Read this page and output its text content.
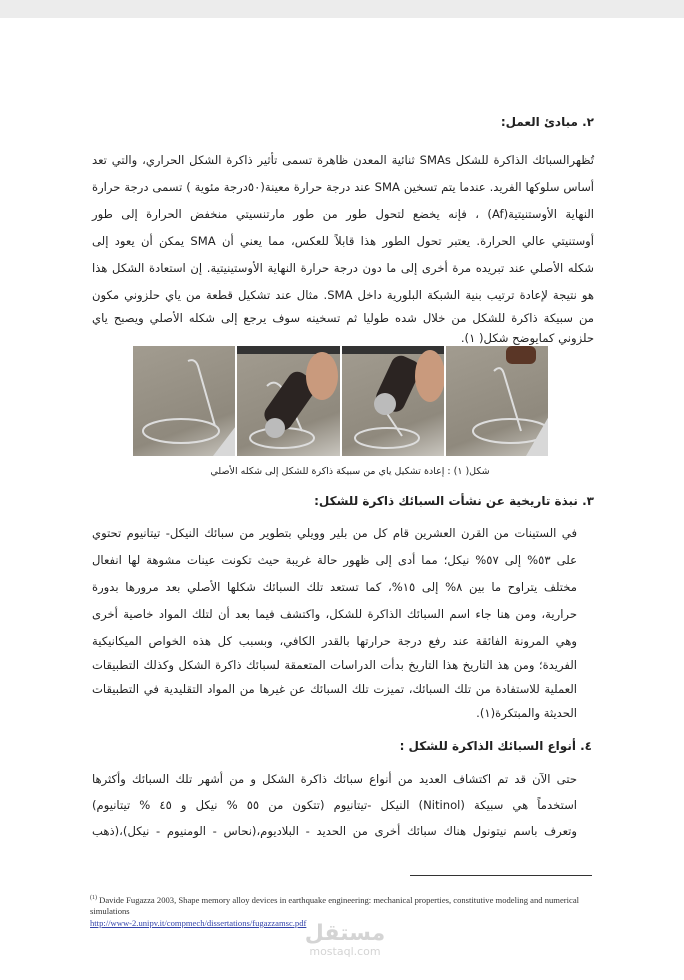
٢. مبادئ العمل:
تُظهرالسبائك الذاكرة للشكل SMAs ثنائية المعدن ظاهرة تسمى تأثير ذاكرة الشكل الحراري، والتي تعد
أساس سلوكها الفريد. عندما يتم تسخين SMA عند درجة حرارة معينة(٥٠درجة مئوية ) تسمى درجة حرارة
النهاية الأوستنيتية(Af) ، فإنه يخضع لتحول طور من طور مارتنسيتي منخفض الحرارة إلى طور
أوستنيتي عالي الحرارة. يعتبر تحول الطور هذا قابلاً للعكس، مما يعني أن SMA يمكن أن يعود إلى
شكله الأصلي عند تبريده مرة أخرى إلى ما دون درجة حرارة النهاية الأوستينيتية. إن استعادة الشكل هذا
هو نتيجة لإعادة ترتيب بنية الشبكة البلورية داخل SMA. مثال عند تشكيل قطعة من ياي حلزوني مكون
من سبيكة ذاكرة للشكل من خلال شده طوليا ثم تسخينه سوف يرجع إلى شكله الأصلي ويصبح ياي
حلزوني كمايوضح شكل( ١).
شكل( ١) : إعادة تشكيل ياي من سبيكة ذاكرة للشكل إلى شكله الأصلي
٣. نبذة تاريخية عن نشأت السبائك ذاكرة للشكل:
في الستينات من القرن العشرين قام كل من بلير وويلي بتطوير من سبائك النيكل- تيتانيوم تحتوي
على ٥٣% إلى ٥٧% نيكل؛ مما أدى إلى ظهور حالة غريبة حيث تكونت عينات مشوهة لها انفعال
مختلف يتراوح ما بين ٨% إلى ١٥%، كما تستعد تلك السبائك شكلها الأصلي بعد مرورها بدورة
حرارية، ومن هنا جاء اسم السبائك الذاكرة للشكل، واكتشف فيما بعد أن لتلك المواد خاصية أخرى
وهي المرونة الفائقة عند رفع درجة حرارتها بالقدر الكافي، وبسبب كل هذه الخواص الميكانيكية
الفريدة؛ ومن هذ التاريخ هذا التاريخ بدأت الدراسات المتعمقة لسبائك ذاكرة الشكل وكذلك التطبيقات
العملية للاستفادة من تلك السبائك، تميزت تلك السبائك عن غيرها من المواد التقليدية في التطبيقات
الحديثة والمبتكرة(١).
٤. أنواع السبائك الذاكرة للشكل :
حتى الآن قد تم اكتشاف العديد من أنواع سبائك ذاكرة الشكل و من أشهر تلك السبائك وأكثرها
استخدماً هي سبيكة (Nitinol) النيكل -تيتانيوم (تتكون من ٥٥ % نيكل و ٤٥ % تيتانيوم)
وتعرف باسم نيتونول هناك سبائك أخرى من الحديد - البلاديوم،(نحاس - الومنيوم - نيكل)،(ذهب
$^{(1)}$ Davide Fugazza 2003, Shape memory alloy devices in earthquake engineering: mechanical properties, constitutive modeling and numerical simulations
http://www-2.unipv.it/compmech/dissertations/fugazzamsc.pdf
مستقل
mostaql.com
